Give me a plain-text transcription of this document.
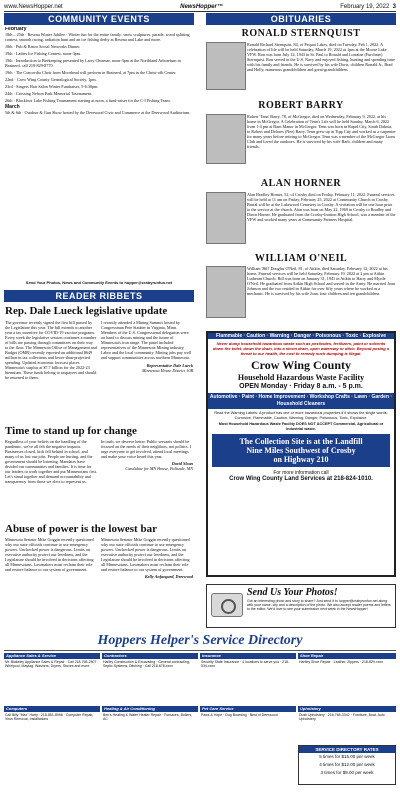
www.NewsHopper.net	NewsHopper™	February 19, 2022 3
COMMUNITY EVENTS	OBITUARIES
February

18th – 25th · Reseau Winter Jubilee - Winter fun for the entire family: snow sculptures, parade, wood splitting contest, smooth racing, radiation hunt and an ice fishing derby at Reseau and Lake and more.

18th · Pub & Bistro Social Networks Dinner.

19th · Ladies Ice Fishing Contest, noon-3pm.

19th · Introduction to Beekeeping presented by Larry Chizmar, noon-3pm at the Northland Arboretum in Brainerd, call 218-829-8770.

19th · The Concordia Choir from Moorhead will perform in Brainerd, at 7pm in the Christ-ofb Center.

22nd · Crow Wing County Genealogical Society, 1pm.

23rd · Singers Hair Salon Winter Fundraiser, 5-6:30pm.

24th · Crossing Nelson Park Memorial Tournament.

26th · Blackfoot Lake Fishing Tournament starting at noon, a fund-raiser for the C-I Fishing Team.

March

5th & 6th · Outdoor & Gun Show hosted by the Deerwood Civic and Commerce at the Deerwood Auditorium.

Send Your Photos, News and Community Events to hopper@crabyrunfun.net
READER RIBBETS
Rep. Dale Lueck legislative update

The governor recently signed the first bill passed by the Legislature this year. The bill extends to another year a tax incentive for COVID-19 vaccine programs. Every week the legislative session continues a number of bills are passing through committees on their way to the floor. The Minnesota Office of Management and Budget (OMB) recently reported an additional $649 million in tax collections and lower-than-projected spending. Updated economic forecast places Minnesota's surplus at $7.7 billion for the 2022-23 biennium. These funds belong to taxpayers and should be returned to them.

I recently attended a Mining Summit hosted by Congressman Pete Stauber in Virginia, Minn. Members of the U.S. Congressional delegation were on hand to discuss mining and the future of Minnesota's iron range. The panel included representatives of the Minnesota Mining industry, Labor and the local community. Mining jobs pay well and support communities across northern Minnesota.

Representative Dale Lueck
Minnesota House District 10B

Time to stand up for change

Regardless of your beliefs on the handling of the pandemic, we've all felt the negative impacts. Businesses closed, kids fell behind in school, and many of us lost our jobs. People are hurting, and the government should be listening. Mandates have divided our communities and families. It is time for our leaders to work together and put Minnesotans first. Let's stand together and demand accountability and transparency from those we elect to represent us.

In truth, we deserve better. Public servants should be focused on the needs of their neighbors, not politics. I urge everyone to get involved, attend local meetings and make your voice heard this year.

David Sloan
Candidate for MN House, Palisade, MN

Abuse of power is the lowest bar

Minnesota Senator Mike Goggin recently questioned why our state officials continue to use emergency powers. Unchecked power is dangerous. Limits on executive authority protect our freedoms, and the Legislature should be involved in decisions affecting all Minnesotans. Lawmakers must reclaim their role and restore balance to our system of government.

Minnesota Senator Mike Goggin recently questioned why our state officials continue to use emergency powers. Unchecked power is dangerous. Limits on executive authority protect our freedoms, and the Legislature should be involved in decisions affecting all Minnesotans. Lawmakers must reclaim their role and restore balance to our system of government.

Kelly Anfangard, Deerwood

RONALD STERNQUIST

Ronald Richard Sternquist, 84, of Pequot Lakes, died on Tuesday, Feb 1, 2022. A celebration of life will be held Saturday, March 19, 2022 at 1pm at the Moose Lake VFW. Ron was born July 12, 1943 in St. Paul to Ronald and Lorraine (Furchner) Sternquist. Ron served in the U.S. Navy and enjoyed fishing, hunting and spending time with his family and friends. He is survived by his wife Doris, children Ronald Jr., Brad and Holly, numerous grandchildren and great-grandchildren.

ROBERT BARRY

Robert 'Tenn' Barry, 78, of McGregor, died on Wednesday, February 9, 2022, at his home in McGregor. A Celebration of Tenn's Life will be held Sunday, March 6, 2022 from 1-4 pm at Barn Manor in McGregor. Tenn was born in Rapid City, South Dakota, to Robert and Delores (Nee) Barry. Tenn grew up in Tipp City and worked as a carpenter for many years before retiring to McGregor. Tenn was a member of the McGregor Lions Club and loved the outdoors. He is survived by his wife Barb, children and many friends.

ALAN HORNER

Alan Bradley Horner, 52, of Crosby died on Friday, February 11, 2022. Funeral services will be held at 11 am on Friday, February 25, 2022 at Community Church in Crosby. Burial will be at the Lakewood Cemetery in Crosby. A visitation will be one hour prior to the service at the church. Alan was born on May 22, 1969 in Crosby to Bradley and Dawn Horner. He graduated from the Crosby-Ironton High School, was a member of the VFW and worked many years at Community Partners Hospital.

WILLIAM O'NEIL

William 'Bill' Douglas O'Neil, 81, of Aitkin, died Saturday, February 12, 2022 at his home. Funeral services will be held Saturday, February 19, 2022 at 2 pm at Aitkin Lutheran Church. Bill was born on January 31, 1941 in Aitkin to Harry and Myrtle O'Neil. He graduated from Aitkin High School and served in the Army. He married Joan Johnson and the two resided in Aitkin for over fifty years where he worked as a mechanic. He is survived by his wife Joan, four children and ten grandchildren.

Flammable · Caution · Warning · Danger · Poisonous · Toxic · Explosive
Never dump household hazardous waste such as pesticides, fertilizers, paint or solvents down the toilet, down the drain, into a storm drain, open waterway or ditch. Beyond posing a threat to our health, the cost to remedy such dumping is illegal.
Crow Wing County
Household Hazardous Waste Facility
OPEN Monday · Friday 8 a.m. - 5 p.m.
Automotive · Paint · Home Improvement · Workshop Crafts · Lawn · Garden · Household Cleaners
Read the Warning Labels: A product has one or more hazardous properties if it shows the single words: Corrosive, Flammable, Caution, Warning, Danger, Poisonous, Toxic, Explosive.
Most Household Hazardous Waste Facility DOES NOT ACCEPT Commercial, Agricultural or Industrial waste.
The Collection Site is at the Landfill
Nine Miles Southwest of Crosby
on Highway 210
For more information call
Crow Wing County Land Services at 218-824-1010.
Send Us Your Photos!
Got an interesting photo and story to share? Just send it to hopper@crabyrunfun.net along with your name, city and a description of the photo. We also accept reader poems and letters to the editor. We'd love to see your submission next week in the NewsHopper!
Hoppers Helper's Service Directory
Appliance Sales & Service
Mr. Blakeley Appliance Sales & Repair · Call 218-765-2507 · Whirlpool, Maytag, Washers, Dryers, Stoves and more.
Contractors
Harley Construction & Excavating · General contracting, Septic Systems, Ditching · Call 218-678-xxxx
Insurance
Security State Insurance · 4 locations to serve you · 218-534-xxxx
Shoe Repair
Hartley Shoe Repair · Leather, Zippers · 218-829-xxxx
Computers
Call Billy "Max" Harty · 218-851-8996 · Computer Repair, Virus Removal, Installations
Heating & Air Conditioning
Ben's Heating & Water Heater Repair · Furnaces, Boilers, AC
Pet Care Service
Paws & Hope · Dog Boarding · Best of Deerwood
Upholstery
Dusk Upholstery · 218-765-3342 · Furniture, Boat, Auto Upholstery
SERVICE DIRECTORY RATES
5 times for $15.00 per week
4 times for $12.00 per week
3 times for $9.00 per week
